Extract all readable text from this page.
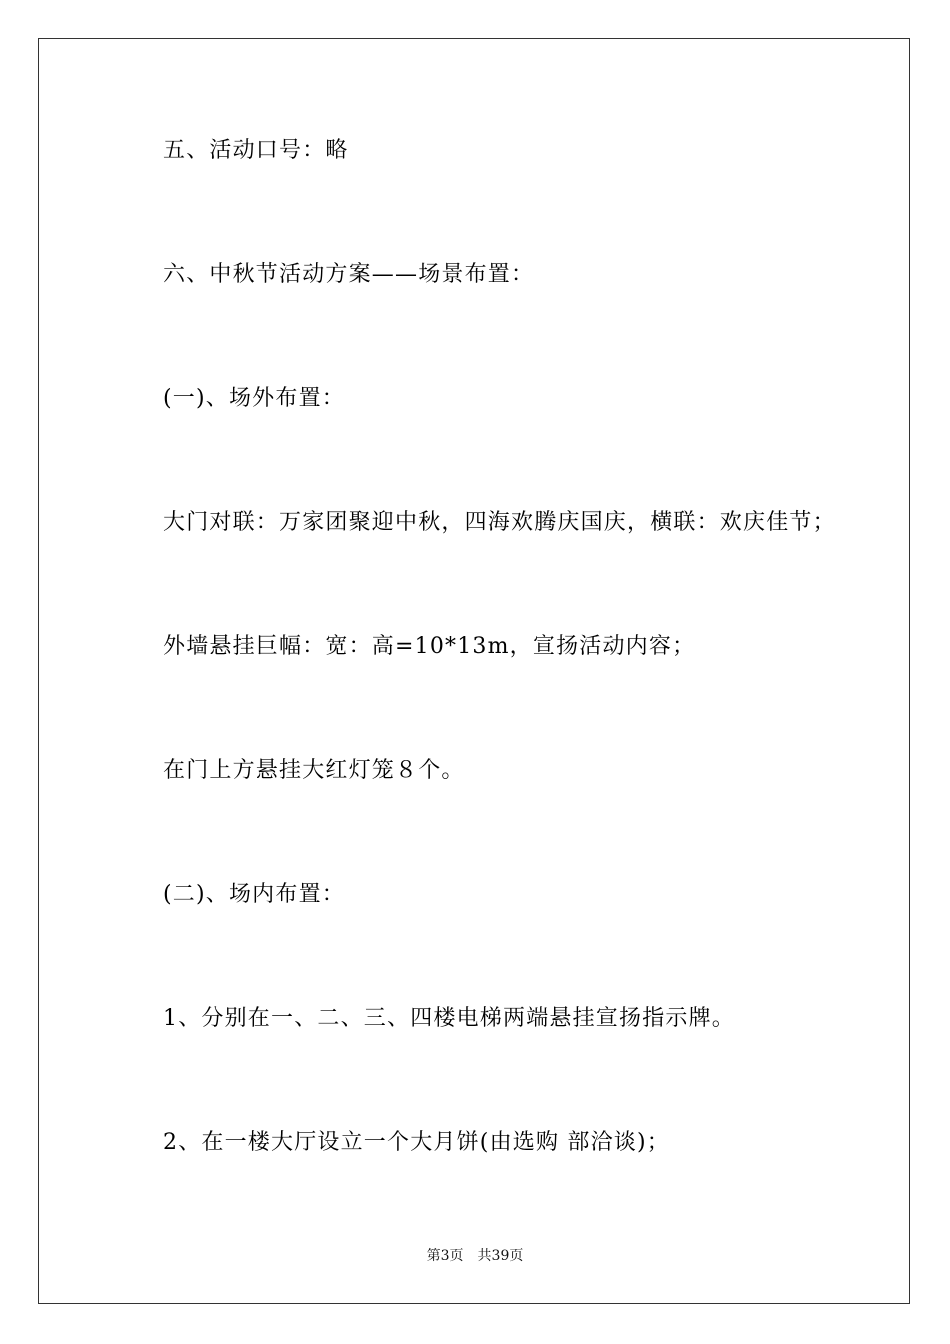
五、活动口号：略
六、中秋节活动方案——场景布置：
(一)、场外布置：
大门对联：万家团聚迎中秋，四海欢腾庆国庆，横联：欢庆佳节；
外墙悬挂巨幅：宽：高=10*13m，宣扬活动内容；
在门上方悬挂大红灯笼８个。
(二)、场内布置：
1、分别在一、二、三、四楼电梯两端悬挂宣扬指示牌。
2、在一楼大厅设立一个大月饼(由选购 部洽谈)；
第3页 共39页
